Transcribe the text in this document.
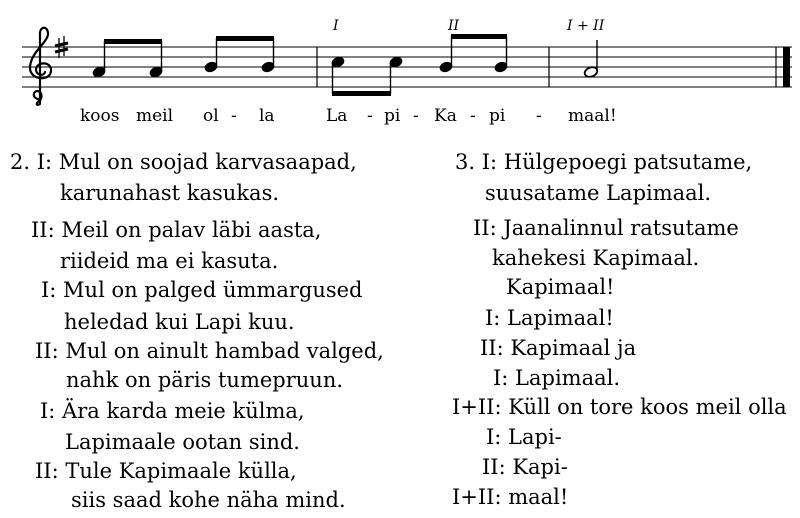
I	II	I + II
koos meil ol - la	La - pi - Ka - pi - maal!
2. I: Mul on soojad karvasaapad,
karunahast kasukas.
II: Meil on palav läbi aasta,
riideid ma ei kasuta.
I: Mul on palged ümmargused
heledad kui Lapi kuu.
II: Mul on ainult hambad valged,
nahk on päris tumepruun.
I: Ära karda meie külma,
Lapimaale ootan sind.
II: Tule Kapimaale külla,
siis saad kohe näha mind.
3. I: Hülgepoegi patsutame,
suusatame Lapimaal.
II: Jaanalinnul ratsutame
kahekesi Kapimaal.
Kapimaal!
I: Lapimaal!
II: Kapimaal ja
I: Lapimaal.
I+II: Küll on tore koos meil olla
I: Lapi-
II: Kapi-
I+II: maal!
